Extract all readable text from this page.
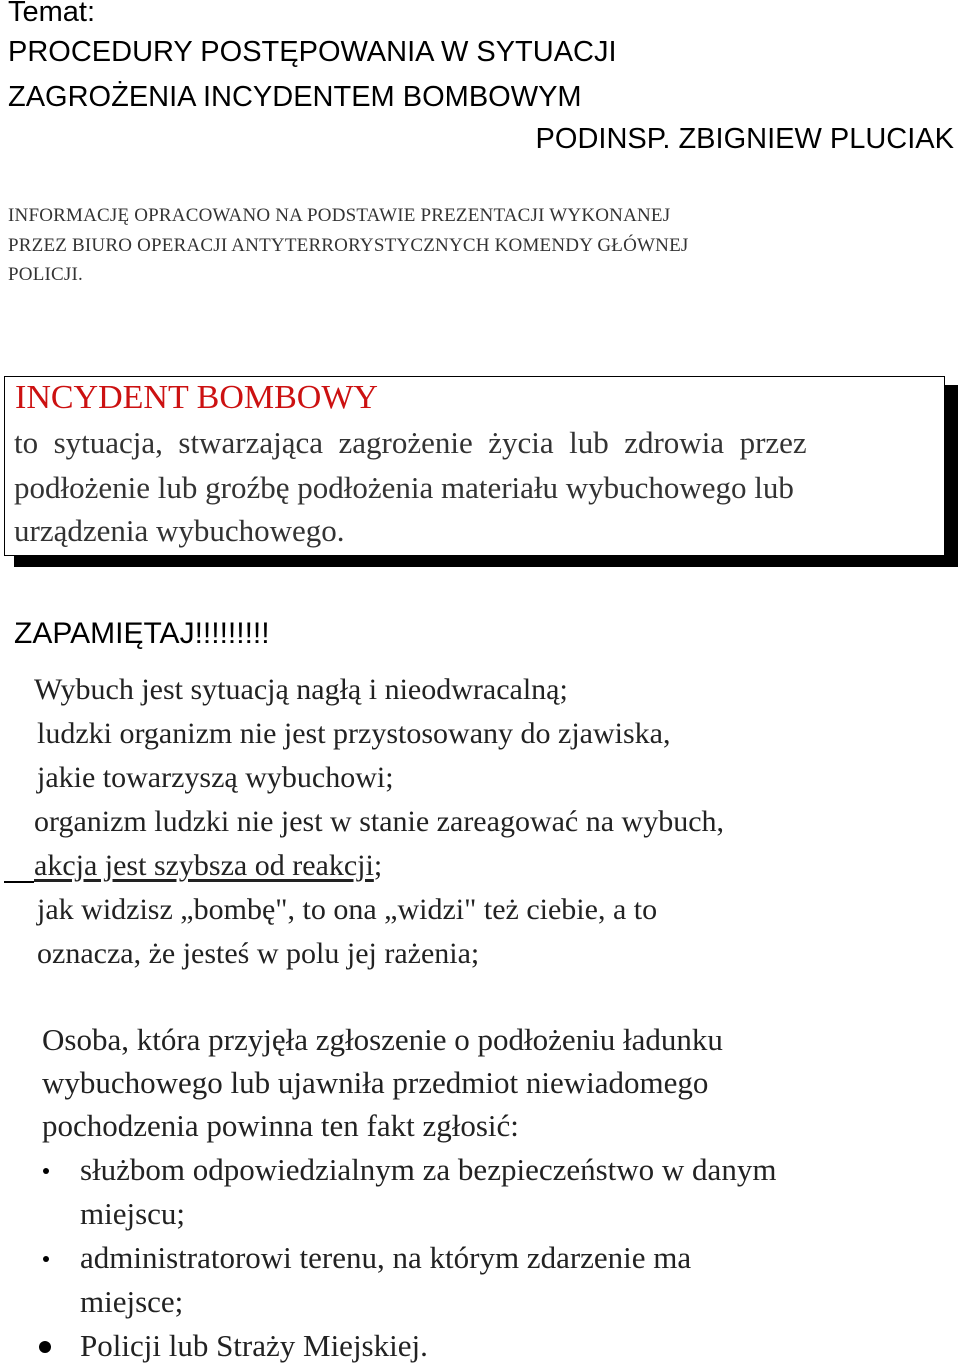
Temat:
PROCEDURY POSTĘPOWANIA W SYTUACJI
ZAGROŻENIA INCYDENTEM BOMBOWYM
PODINSP. ZBIGNIEW PLUCIAK
INFORMACJĘ OPRACOWANO NA PODSTAWIE PREZENTACJI WYKONANEJ
PRZEZ BIURO OPERACJI ANTYTERRORYSTYCZNYCH KOMENDY GŁÓWNEJ
POLICJI.
INCYDENT BOMBOWY
to  sytuacja,  stwarzająca  zagrożenie  życia  lub  zdrowia  przez
podłożenie lub groźbę podłożenia materiału wybuchowego lub
urządzenia wybuchowego.
ZAPAMIĘTAJ!!!!!!!!!
Wybuch jest sytuacją nagłą i nieodwracalną;
ludzki organizm nie jest przystosowany do zjawiska,
jakie towarzyszą wybuchowi;
organizm ludzki nie jest w stanie zareagować na wybuch,
akcja jest szybsza od reakcji;
jak widzisz „bombę", to ona „widzi" też ciebie, a to
oznacza, że jesteś w polu jej rażenia;
Osoba, która przyjęła zgłoszenie o podłożeniu ładunku
wybuchowego lub ujawniła przedmiot niewiadomego
pochodzenia powinna ten fakt zgłosić:
służbom odpowiedzialnym za bezpieczeństwo w danym
miejscu;
administratorowi terenu, na którym zdarzenie ma
miejsce;
Policji lub Straży Miejskiej.
